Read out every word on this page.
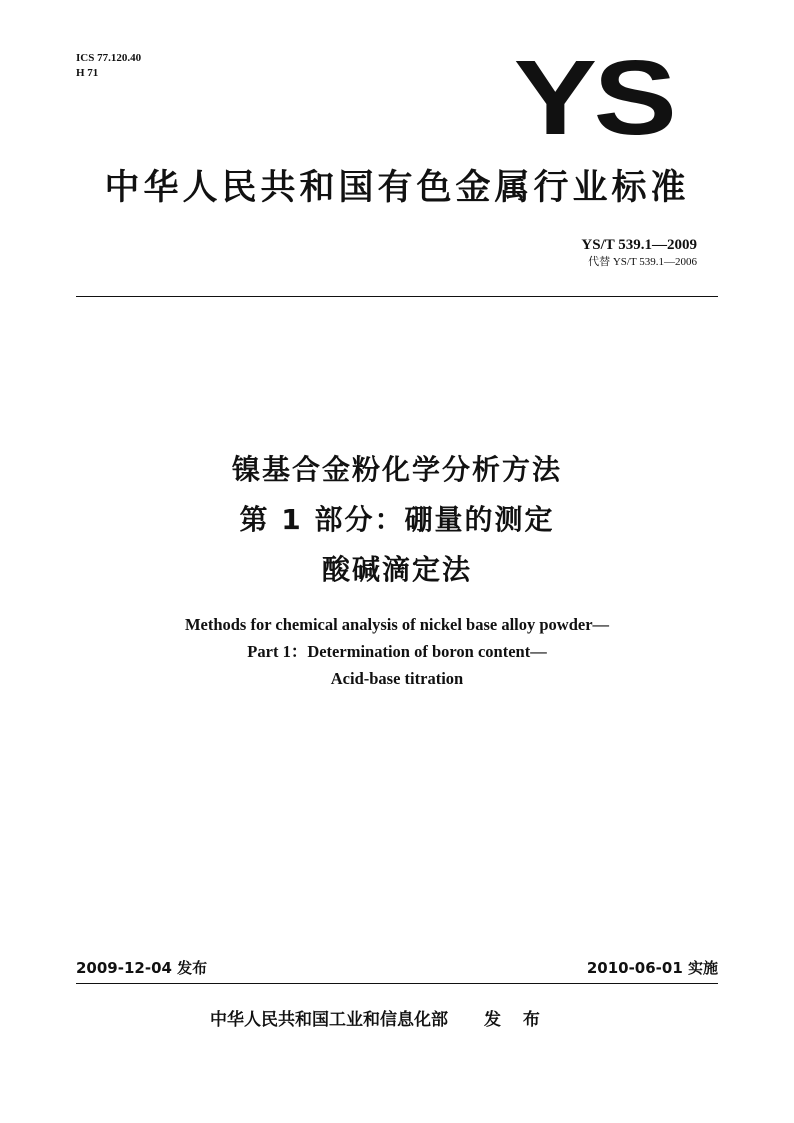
ICS 77.120.40
H 71	YS
中华人民共和国有色金属行业标准
YS/T 539.1—2009
代替 YS/T 539.1—2006
镍基合金粉化学分析方法
第 1 部分：硼量的测定
酸碱滴定法
Methods for chemical analysis of nickel base alloy powder—
Part 1：Determination of boron content—
Acid-base titration
2009-12-04 发布	2010-06-01 实施
中华人民共和国工业和信息化部 发 布
